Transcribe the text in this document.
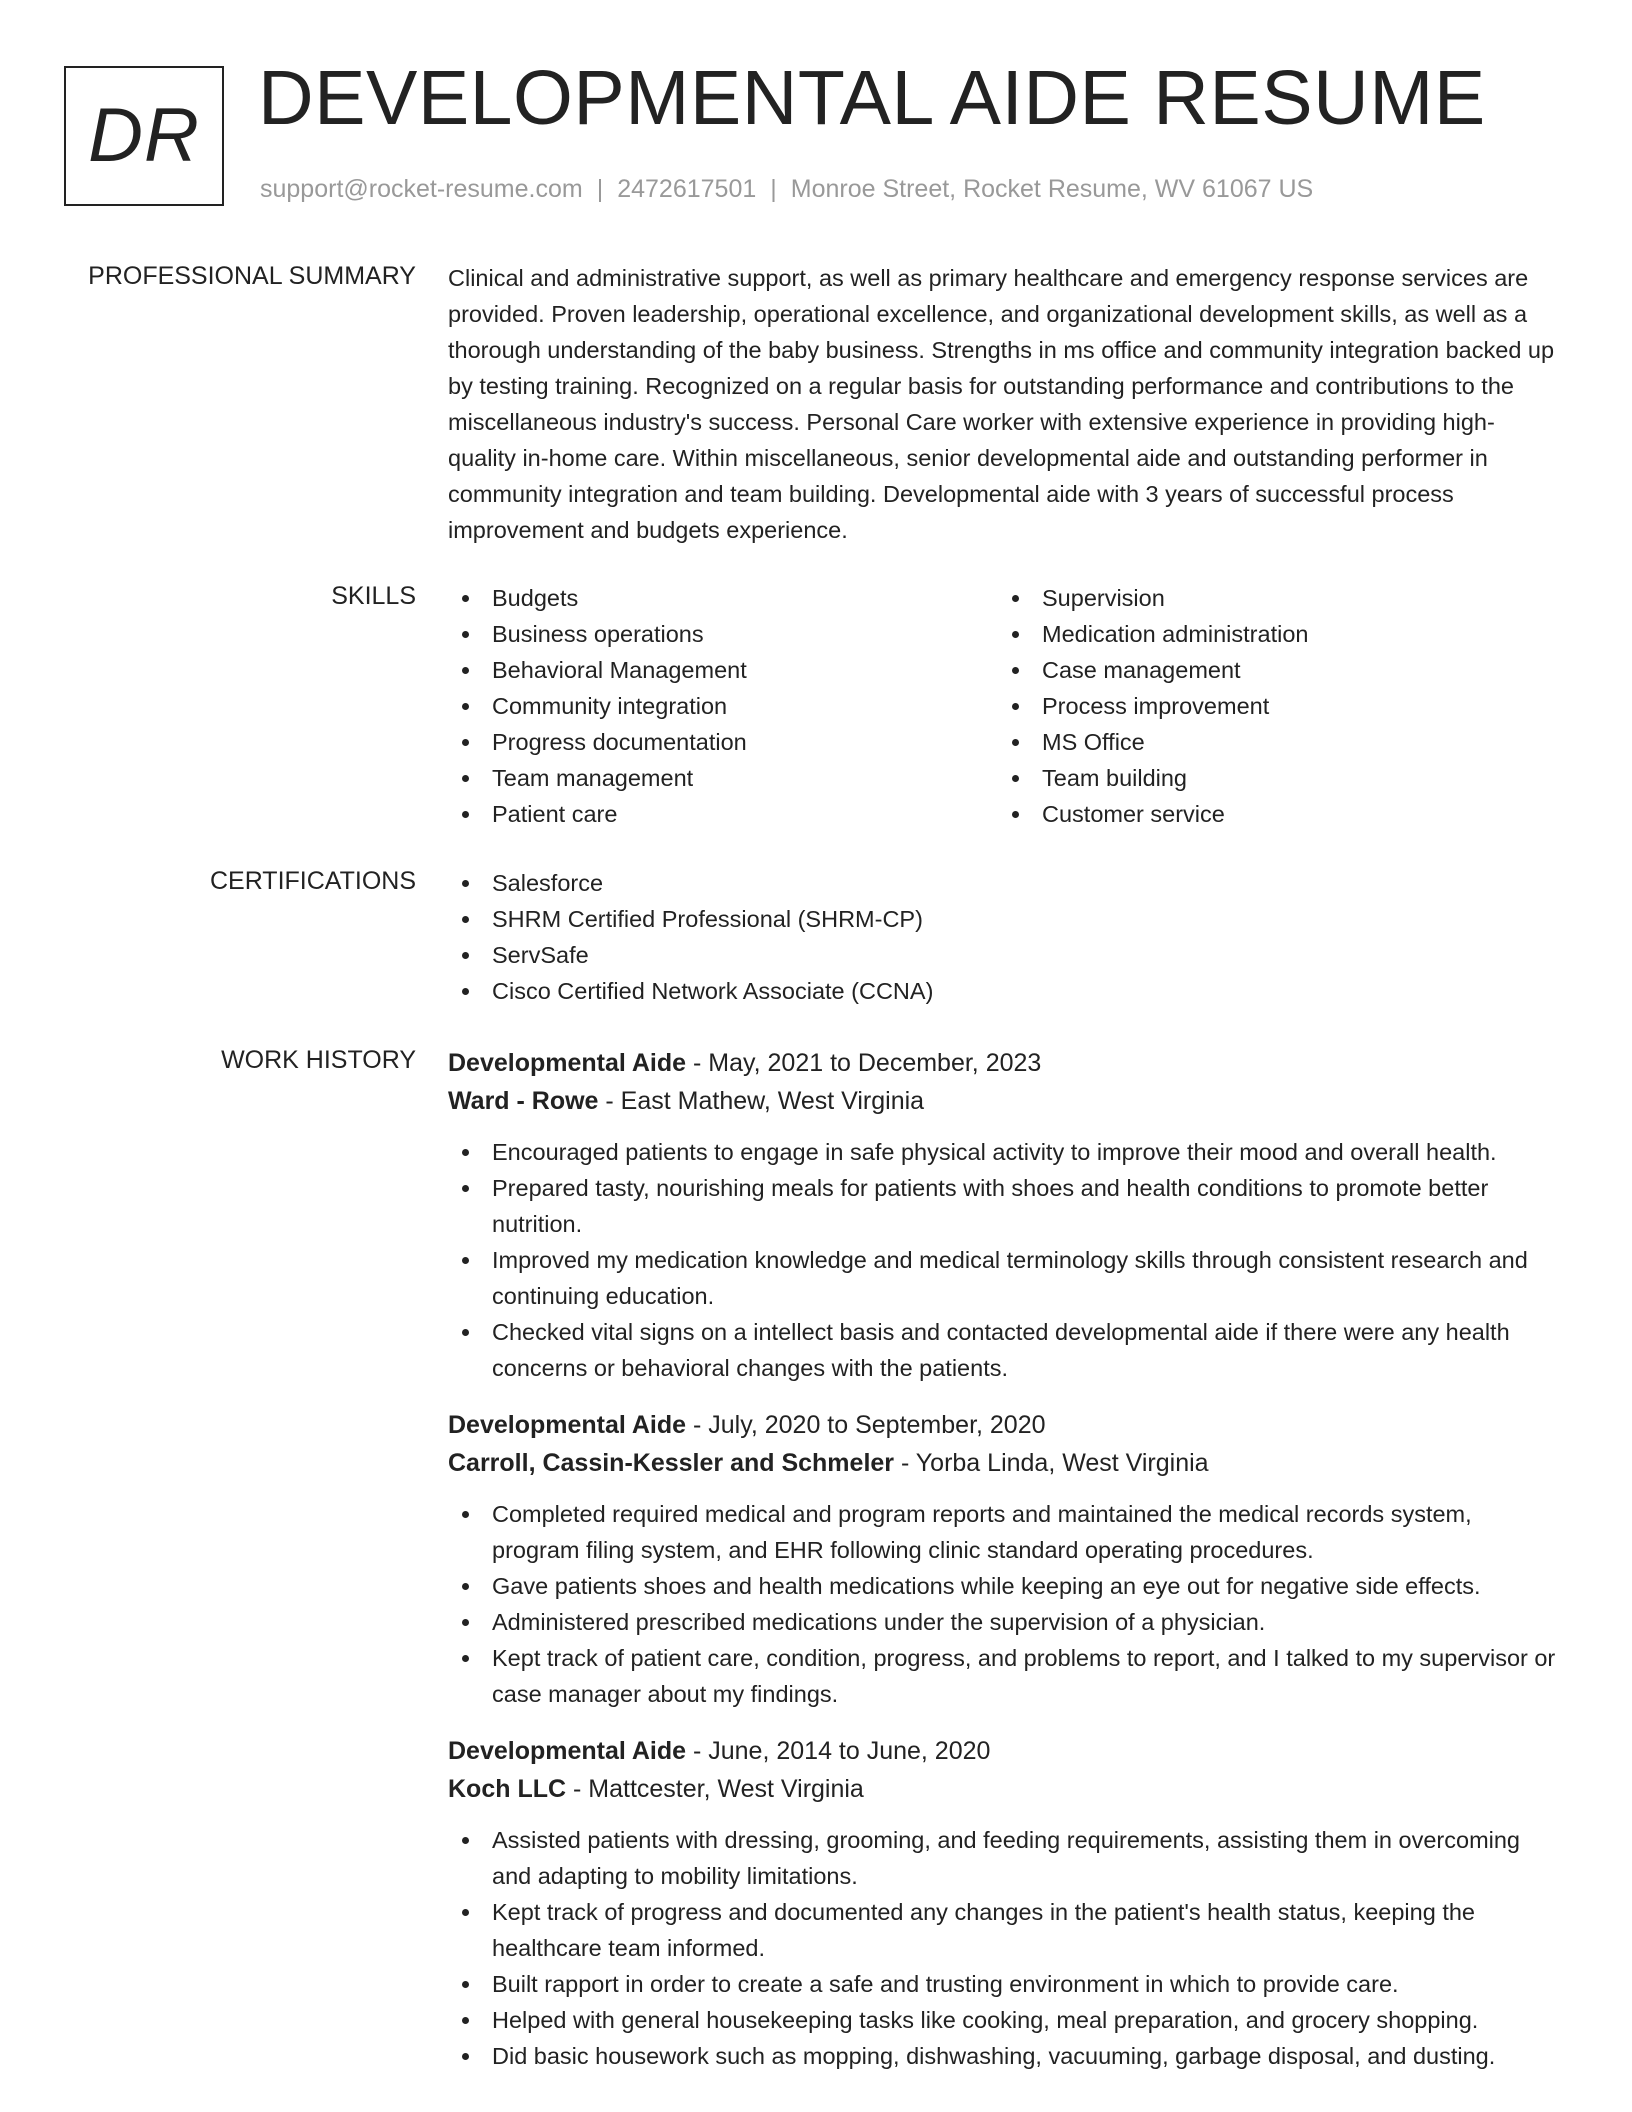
DR DEVELOPMENTAL AIDE RESUME
support@rocket-resume.com | 2472617501 | Monroe Street, Rocket Resume, WV 61067 US
PROFESSIONAL SUMMARY Clinical and administrative support, as well as primary healthcare and emergency response services are provided. Proven leadership, operational excellence, and organizational development skills, as well as a thorough understanding of the baby business. Strengths in ms office and community integration backed up by testing training. Recognized on a regular basis for outstanding performance and contributions to the miscellaneous industry's success. Personal Care worker with extensive experience in providing high-quality in-home care. Within miscellaneous, senior developmental aide and outstanding performer in community integration and team building. Developmental aide with 3 years of successful process improvement and budgets experience.

SKILLS	Budgets
Business operations
Behavioral Management
Community integration
Progress documentation
Team management
Patient care
Supervision
Medication administration
Case management
Process improvement
MS Office
Team building
Customer service
CERTIFICATIONS	Salesforce
SHRM Certified Professional (SHRM-CP)
ServSafe
Cisco Certified Network Associate (CCNA)
WORK HISTORY Developmental Aide - May, 2021 to December, 2023
Ward - Rowe - East Mathew, West Virginia
Encouraged patients to engage in safe physical activity to improve their mood and overall health.
Prepared tasty, nourishing meals for patients with shoes and health conditions to promote better nutrition.
Improved my medication knowledge and medical terminology skills through consistent research and continuing education.
Checked vital signs on a intellect basis and contacted developmental aide if there were any health concerns or behavioral changes with the patients.
Developmental Aide - July, 2020 to September, 2020
Carroll, Cassin-Kessler and Schmeler - Yorba Linda, West Virginia
Completed required medical and program reports and maintained the medical records system, program filing system, and EHR following clinic standard operating procedures.
Gave patients shoes and health medications while keeping an eye out for negative side effects.
Administered prescribed medications under the supervision of a physician.
Kept track of patient care, condition, progress, and problems to report, and I talked to my supervisor or case manager about my findings.
Developmental Aide - June, 2014 to June, 2020
Koch LLC - Mattcester, West Virginia
Assisted patients with dressing, grooming, and feeding requirements, assisting them in overcoming and adapting to mobility limitations.
Kept track of progress and documented any changes in the patient's health status, keeping the healthcare team informed.
Built rapport in order to create a safe and trusting environment in which to provide care.
Helped with general housekeeping tasks like cooking, meal preparation, and grocery shopping.
Did basic housework such as mopping, dishwashing, vacuuming, garbage disposal, and dusting.
